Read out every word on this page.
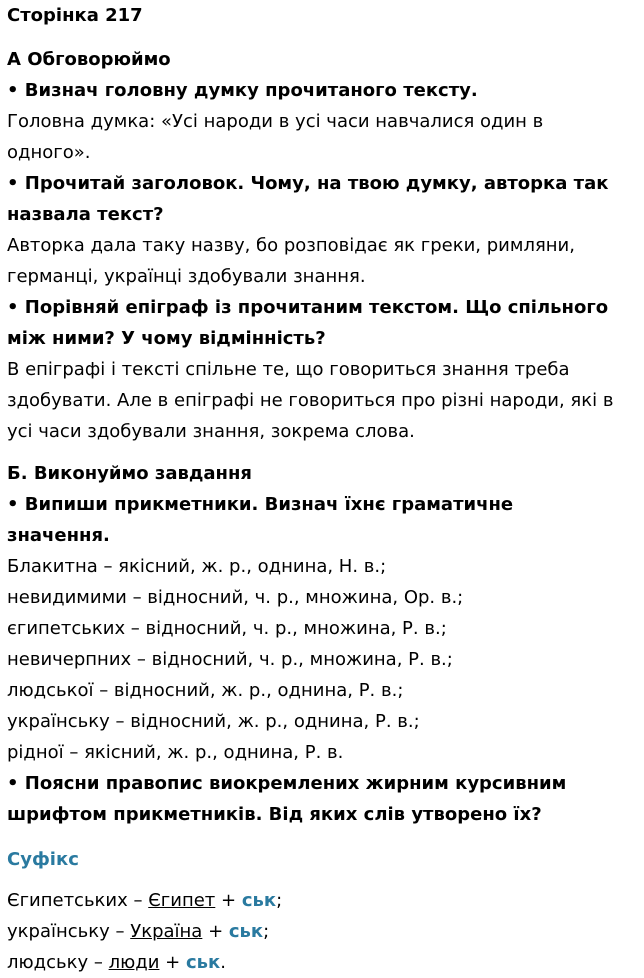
Сторінка 217
А Обговорюймо
• Визнач головну думку прочитаного тексту.
Головна думка: «Усі народи в усі часи навчалися один в
одного».
• Прочитай заголовок. Чому, на твою думку, авторка так
назвала текст?
Авторка дала таку назву, бо розповідає як греки, римляни,
германці, українці здобували знання.
• Порівняй епіграф із прочитаним текстом. Що спільного
між ними? У чому відмінність?
В епіграфі і тексті спільне те, що говориться знання треба
здобувати. Але в епіграфі не говориться про різні народи, які в
усі часи здобували знання, зокрема слова.
Б. Виконуймо завдання
• Випиши прикметники. Визнач їхнє граматичне значення.
Блакитна – якісний, ж. р., однина, Н. в.;
невидимими – відносний, ч. р., множина, Ор. в.;
єгипетських – відносний, ч. р., множина, Р. в.;
невичерпних – відносний, ч. р., множина, Р. в.;
людської – відносний, ж. р., однина, Р. в.;
українську – відносний, ж. р., однина, Р. в.;
рідної – якісний, ж. р., однина, Р. в.
• Поясни правопис виокремлених жирним курсивним
шрифтом прикметників. Від яких слів утворено їх?
Суфікс
Єгипетських – Єгипет + ськ;
українську – Україна + ськ;
людську – люди + ськ.
